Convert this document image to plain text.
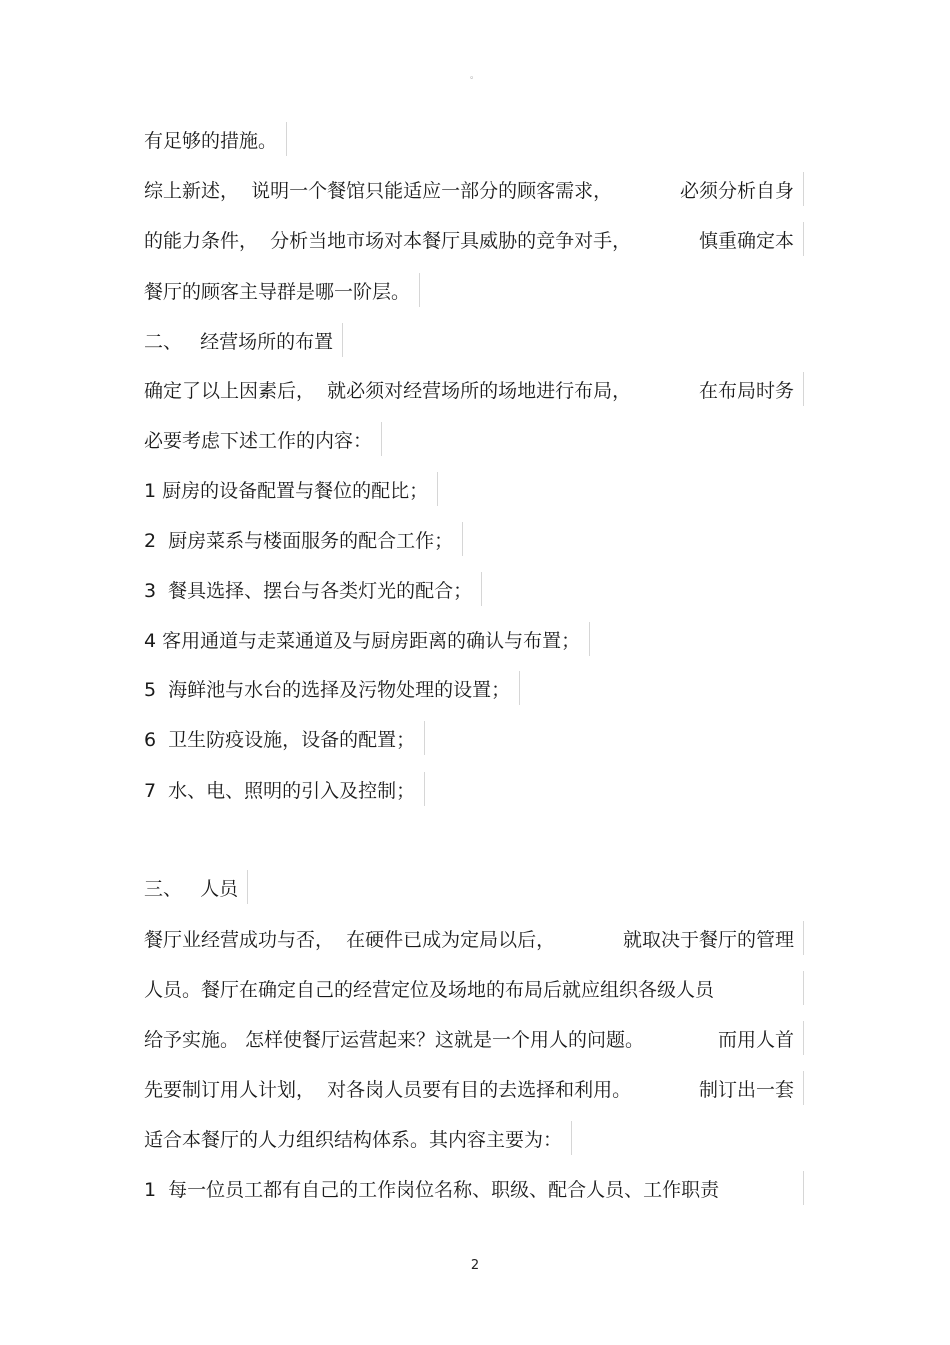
。
有足够的措施。
综上新述，  说明一个餐馆只能适应一部分的顾客需求，	必须分析自身
的能力条件，  分析当地市场对本餐厅具威胁的竞争对手，	慎重确定本
餐厅的顾客主导群是哪一阶层。
二、   经营场所的布置
确定了以上因素后，  就必须对经营场所的场地进行布局，	在布局时务
必要考虑下述工作的内容：
1 厨房的设备配置与餐位的配比；
2  厨房菜系与楼面服务的配合工作；
3  餐具选择、摆台与各类灯光的配合；
4 客用通道与走菜通道及与厨房距离的确认与布置；
5  海鲜池与水台的选择及污物处理的设置；
6  卫生防疫设施，设备的配置；
7  水、电、照明的引入及控制；
三、   人员
餐厅业经营成功与否，  在硬件已成为定局以后，	就取决于餐厅的管理
人员。餐厅在确定自己的经营定位及场地的布局后就应组织各级人员
给予实施。 怎样使餐厅运营起来？这就是一个用人的问题。	而用人首
先要制订用人计划，  对各岗人员要有目的去选择和利用。	制订出一套
适合本餐厅的人力组织结构体系。其内容主要为：
1  每一位员工都有自己的工作岗位名称、职级、配合人员、工作职责
2
